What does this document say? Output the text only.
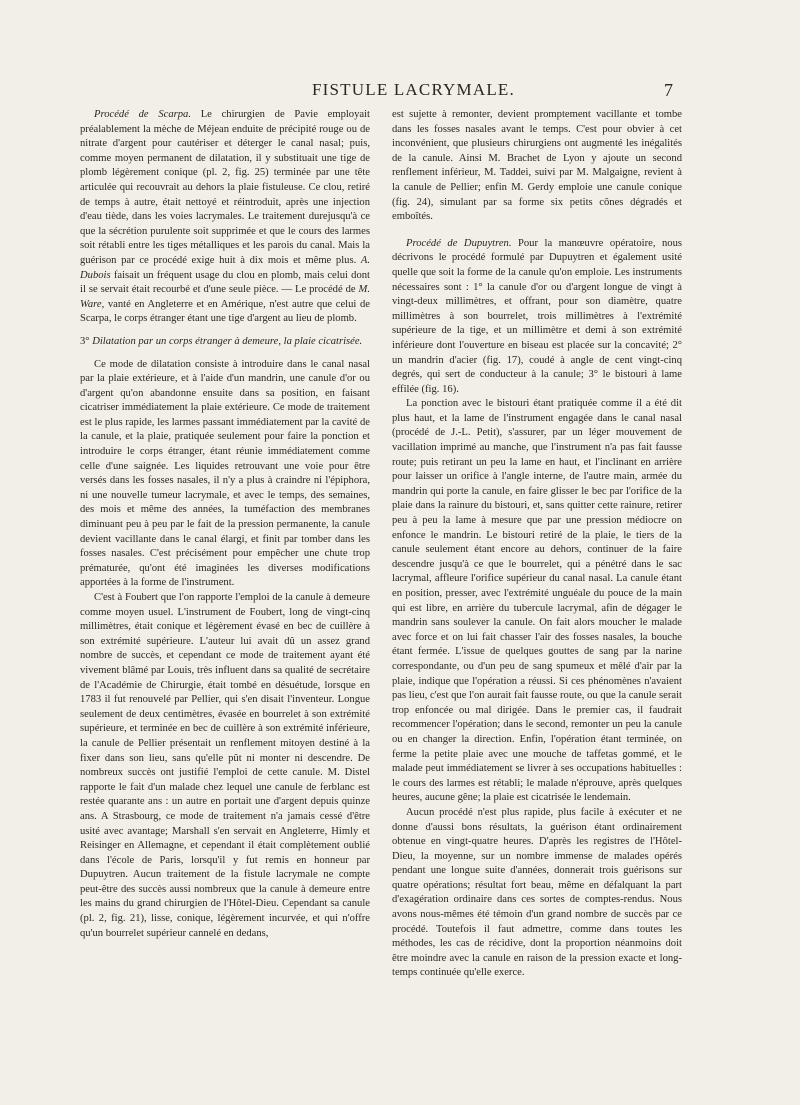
FISTULE LACRYMALE.	7

Procédé de Scarpa. Le chirurgien de Pavie employait préalablement la mèche de Méjean enduite de précipité rouge ou de nitrate d'argent pour cautériser et déterger le canal nasal; puis, comme moyen permanent de dilatation, il y substituait une tige de plomb légèrement conique (pl. 2, fig. 25) terminée par une tête articulée qui recouvrait au dehors la plaie fistuleuse. Ce clou, retiré de temps à autre, était nettoyé et réintroduit, après une injection d'eau tiède, dans les voies lacrymales. Le traitement durejusqu'à ce que la sécrétion purulente soit supprimée et que le cours des larmes soit rétabli entre les tiges métalliques et les parois du canal. Mais la guérison par ce procédé exige huit à dix mois et même plus. A. Dubois faisait un fréquent usage du clou en plomb, mais celui dont il se servait était recourbé et d'une seule pièce. — Le procédé de M. Ware, vanté en Angleterre et en Amérique, n'est autre que celui de Scarpa, le corps étranger étant une tige d'argent au lieu de plomb.

3° Dilatation par un corps étranger à demeure, la plaie cicatrisée.

Ce mode de dilatation consiste à introduire dans le canal nasal par la plaie extérieure, et à l'aide d'un mandrin, une canule d'or ou d'argent qu'on abandonne ensuite dans sa position, en faisant cicatriser immédiatement la plaie extérieure. Ce mode de traitement est le plus rapide, les larmes passant immédiatement par la cavité de la canule, et la plaie, pratiquée seulement pour faire la ponction et introduire le corps étranger, étant réunie immédiatement comme celle d'une saignée. Les liquides retrouvant une voie pour être versés dans les fosses nasales, il n'y a plus à craindre ni l'épiphora, ni une nouvelle tumeur lacrymale, et avec le temps, des semaines, des mois et même des années, la tuméfaction des membranes diminuant peu à peu par le fait de la pression permanente, la canule devient vacillante dans le canal élargi, et finit par tomber dans les fosses nasales. C'est précisément pour empêcher une chute trop prématurée, qu'ont été imaginées les diverses modifications apportées à la forme de l'instrument.

C'est à Foubert que l'on rapporte l'emploi de la canule à demeure comme moyen usuel. L'instrument de Foubert, long de vingt-cinq millimètres, était conique et légèrement évasé en bec de cuillère à son extrémité supérieure. L'auteur lui avait dû un assez grand nombre de succès, et cependant ce mode de traitement ayant été vivement blâmé par Louis, très influent dans sa qualité de secrétaire de l'Académie de Chirurgie, était tombé en désuétude, lorsque en 1783 il fut renouvelé par Pellier, qui s'en disait l'inventeur. Longue seulement de deux centimètres, évasée en bourrelet à son extrémité supérieure, et terminée en bec de cuillère à son extrémité inférieure, la canule de Pellier présentait un renflement mitoyen destiné à la fixer dans son lieu, sans qu'elle pût ni monter ni descendre. De nombreux succès ont justifié l'emploi de cette canule. M. Distel rapporte le fait d'un malade chez lequel une canule de ferblanc est restée quarante ans : un autre en portait une d'argent depuis quinze ans. A Strasbourg, ce mode de traitement n'a jamais cessé d'être usité avec avantage; Marshall s'en servait en Angleterre, Himly et Reisinger en Allemagne, et cependant il était complètement oublié dans l'école de Paris, lorsqu'il y fut remis en honneur par Dupuytren. Aucun traitement de la fistule lacrymale ne compte peut-être des succès aussi nombreux que la canule à demeure entre les mains du grand chirurgien de l'Hôtel-Dieu. Cependant sa canule (pl. 2, fig. 21), lisse, conique, légèrement incurvée, et qui n'offre qu'un bourrelet supérieur cannelé en dedans,

est sujette à remonter, devient promptement vacillante et tombe dans les fosses nasales avant le temps. C'est pour obvier à cet inconvénient, que plusieurs chirurgiens ont augmenté les inégalités de la canule. Ainsi M. Brachet de Lyon y ajoute un second renflement inférieur, M. Taddei, suivi par M. Malgaigne, revient à la canule de Pellier; enfin M. Gerdy emploie une canule conique (fig. 24), simulant par sa forme six petits cônes dégradés et emboîtés.

Procédé de Dupuytren. Pour la manœuvre opératoire, nous décrivons le procédé formulé par Dupuytren et également usité quelle que soit la forme de la canule qu'on emploie. Les instruments nécessaires sont : 1° la canule d'or ou d'argent longue de vingt à vingt-deux millimètres, et offrant, pour son diamètre, quatre millimètres à son bourrelet, trois millimètres à l'extrémité supérieure de la tige, et un millimètre et demi à son extrémité inférieure dont l'ouverture en biseau est placée sur la concavité; 2° un mandrin d'acier (fig. 17), coudé à angle de cent vingt-cinq degrés, qui sert de conducteur à la canule; 3° le bistouri à lame effilée (fig. 16).

La ponction avec le bistouri étant pratiquée comme il a été dit plus haut, et la lame de l'instrument engagée dans le canal nasal (procédé de J.-L. Petit), s'assurer, par un léger mouvement de vacillation imprimé au manche, que l'instrument n'a pas fait fausse route; puis retirant un peu la lame en haut, et l'inclinant en arrière pour laisser un orifice à l'angle interne, de l'autre main, armée du mandrin qui porte la canule, en faire glisser le bec par l'orifice de la plaie dans la rainure du bistouri, et, sans quitter cette rainure, retirer peu à peu la lame à mesure que par une pression médiocre on enfonce le mandrin. Le bistouri retiré de la plaie, le tiers de la canule seulement étant encore au dehors, continuer de la faire descendre jusqu'à ce que le bourrelet, qui a pénétré dans le sac lacrymal, affleure l'orifice supérieur du canal nasal. La canule étant en position, presser, avec l'extrémité unguéale du pouce de la main qui est libre, en arrière du tubercule lacrymal, afin de dégager le mandrin sans soulever la canule. On fait alors moucher le malade avec force et on lui fait chasser l'air des fosses nasales, la bouche étant fermée. L'issue de quelques gouttes de sang par la narine correspondante, ou d'un peu de sang spumeux et mêlé d'air par la plaie, indique que l'opération a réussi. Si ces phénomènes n'avaient pas lieu, c'est que l'on aurait fait fausse route, ou que la canule serait trop enfoncée ou mal dirigée. Dans le premier cas, il faudrait recommencer l'opération; dans le second, remonter un peu la canule ou en changer la direction. Enfin, l'opération étant terminée, on ferme la petite plaie avec une mouche de taffetas gommé, et le malade peut immédiatement se livrer à ses occupations habituelles : le cours des larmes est rétabli; le malade n'éprouve, après quelques heures, aucune gêne; la plaie est cicatrisée le lendemain.

Aucun procédé n'est plus rapide, plus facile à exécuter et ne donne d'aussi bons résultats, la guérison étant ordinairement obtenue en vingt-quatre heures. D'après les registres de l'Hôtel-Dieu, la moyenne, sur un nombre immense de malades opérés pendant une longue suite d'années, donnerait trois guérisons sur quatre opérations; résultat fort beau, même en défalquant la part d'exagération ordinaire dans ces sortes de comptes-rendus. Nous avons nous-mêmes été témoin d'un grand nombre de succès par ce procédé. Toutefois il faut admettre, comme dans toutes les méthodes, les cas de récidive, dont la proportion néanmoins doit être moindre avec la canule en raison de la pression exacte et long-temps continuée qu'elle exerce.
